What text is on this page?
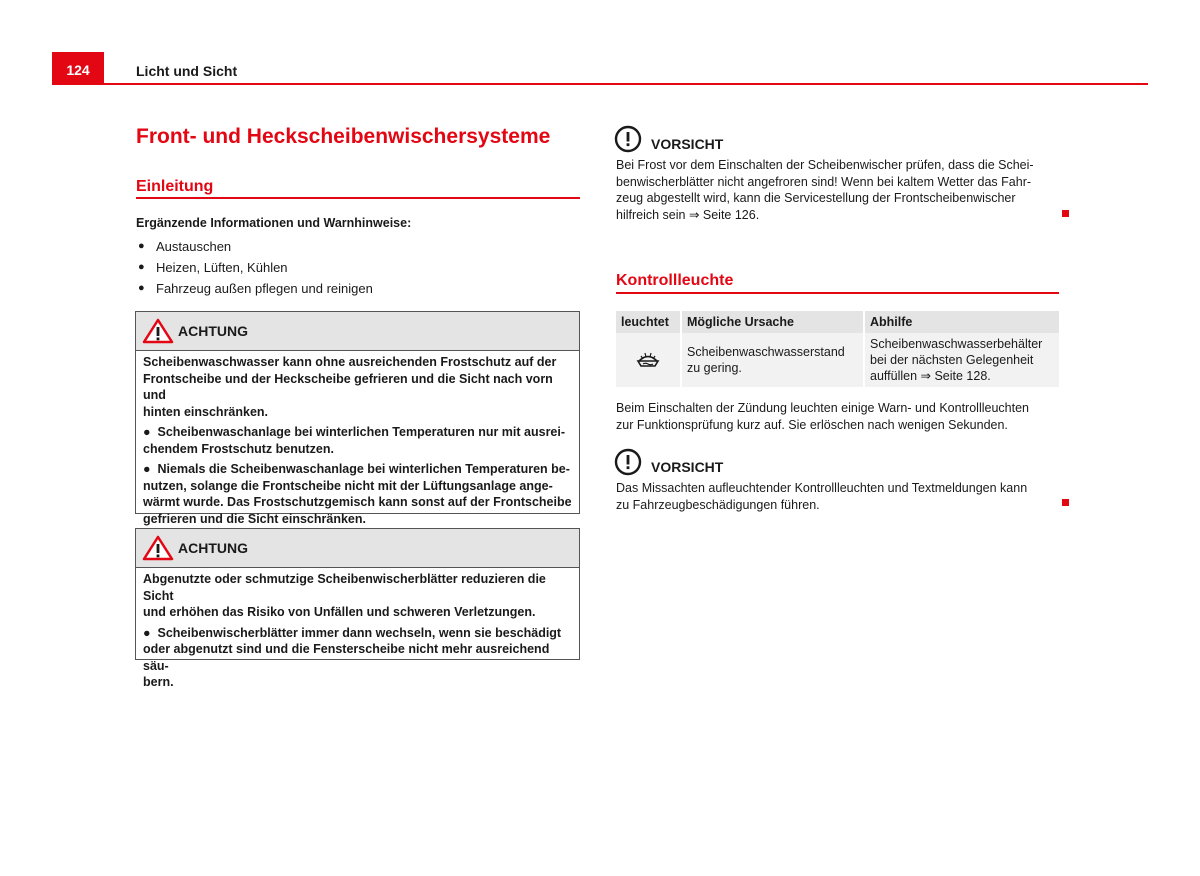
124	Licht und Sicht
Front- und Heckscheibenwischersysteme
Einleitung
Ergänzende Informationen und Warnhinweise:
● Austauschen
● Heizen, Lüften, Kühlen
● Fahrzeug außen pflegen und reinigen
ACHTUNG

Scheibenwaschwasser kann ohne ausreichenden Frostschutz auf der
Frontscheibe und der Heckscheibe gefrieren und die Sicht nach vorn und
hinten einschränken.

●  Scheibenwaschanlage bei winterlichen Temperaturen nur mit ausrei-
chendem Frostschutz benutzen.

●  Niemals die Scheibenwaschanlage bei winterlichen Temperaturen be-
nutzen, solange die Frontscheibe nicht mit der Lüftungsanlage ange-
wärmt wurde. Das Frostschutzgemisch kann sonst auf der Frontscheibe
gefrieren und die Sicht einschränken.

ACHTUNG

Abgenutzte oder schmutzige Scheibenwischerblätter reduzieren die Sicht
und erhöhen das Risiko von Unfällen und schweren Verletzungen.

●  Scheibenwischerblätter immer dann wechseln, wenn sie beschädigt
oder abgenutzt sind und die Fensterscheibe nicht mehr ausreichend säu-
bern.

VORSICHT
Bei Frost vor dem Einschalten der Scheibenwischer prüfen, dass die Schei-
benwischerblätter nicht angefroren sind! Wenn bei kaltem Wetter das Fahr-
zeug abgestellt wird, kann die Servicestellung der Frontscheibenwischer
hilfreich sein ⇒ Seite 126.
Kontrollleuchte
leuchtet	Mögliche Ursache	Abhilfe
	Scheibenwaschwasserstand
zu gering.	Scheibenwaschwasserbehälter
bei der nächsten Gelegenheit
auffüllen ⇒ Seite 128.
Beim Einschalten der Zündung leuchten einige Warn- und Kontrollleuchten
zur Funktionsprüfung kurz auf. Sie erlöschen nach wenigen Sekunden.
VORSICHT
Das Missachten aufleuchtender Kontrollleuchten und Textmeldungen kann
zu Fahrzeugbeschädigungen führen.
